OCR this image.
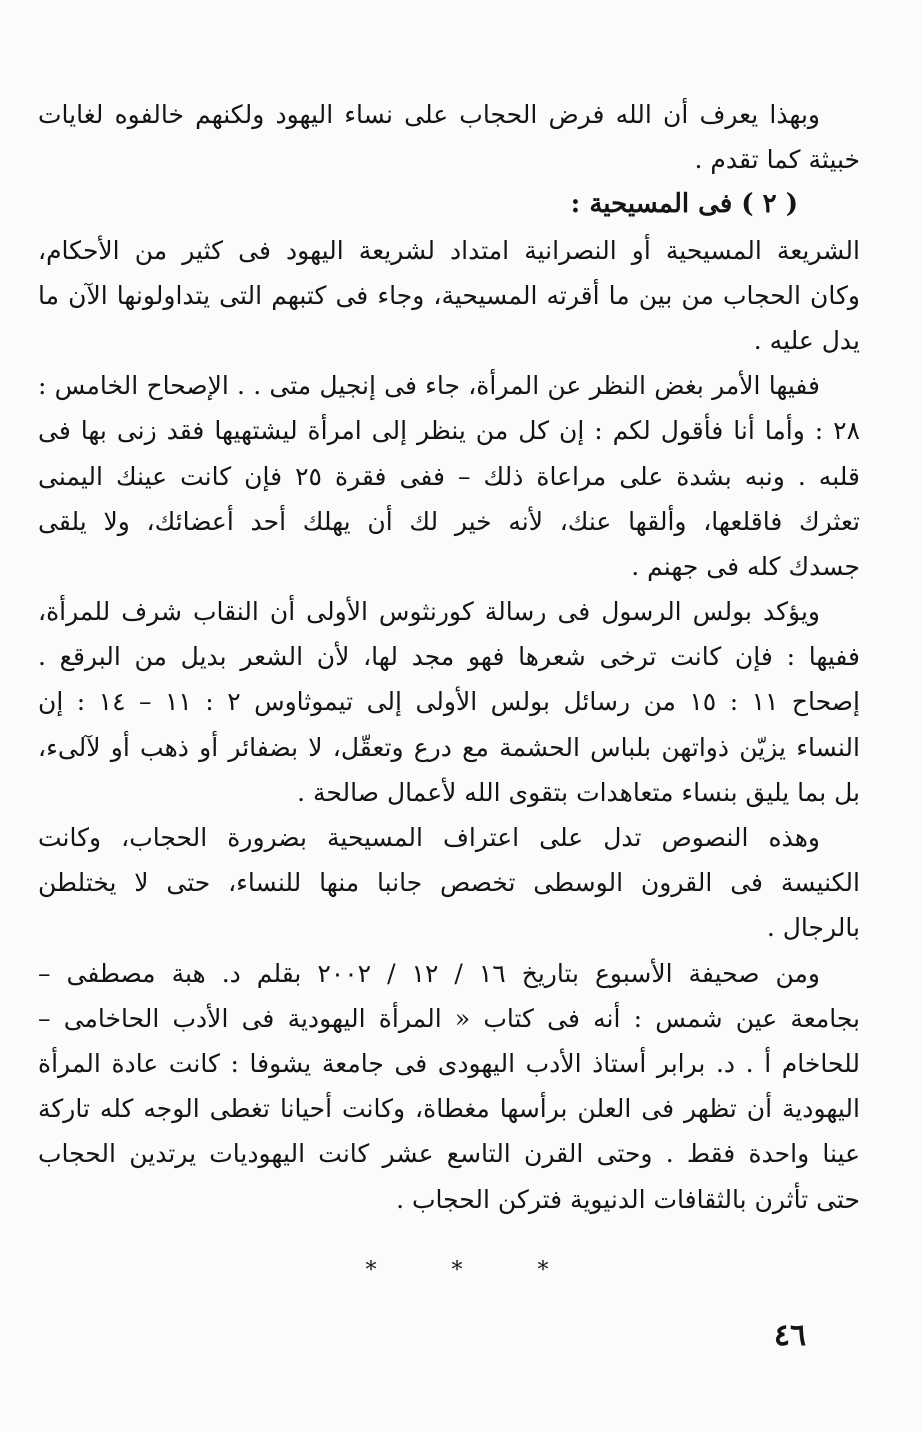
وبهذا يعرف أن الله فرض الحجاب على نساء اليهود ولكنهم خالفوه لغايات
خبيثة كما تقدم .
( ٢ ) فى المسيحية :
الشريعة المسيحية أو النصرانية امتداد لشريعة اليهود فى كثير من الأحكام،
وكان الحجاب من بين ما أقرته المسيحية، وجاء فى كتبهم التى يتداولونها الآن ما
يدل عليه .
ففيها الأمر بغض النظر عن المرأة، جاء فى إنجيل متى . . الإصحاح الخامس :
٢٨ : وأما أنا فأقول لكم : إن كل من ينظر إلى امرأة ليشتهيها فقد زنى بها فى
قلبه . ونبه بشدة على مراعاة ذلك – ففى فقرة ٢٥ فإن كانت عينك اليمنى
تعثرك فاقلعها، وألقها عنك، لأنه خير لك أن يهلك أحد أعضائك، ولا يلقى
جسدك كله فى جهنم .
ويؤكد بولس الرسول فى رسالة كورنثوس الأولى أن النقاب شرف للمرأة،
ففيها : فإن كانت ترخى شعرها فهو مجد لها، لأن الشعر بديل من البرقع .
إصحاح ١١ : ١٥ من رسائل بولس الأولى إلى تيموثاوس ٢ : ١١ – ١٤ : إن
النساء يزيّن ذواتهن بلباس الحشمة مع درع وتعقّل، لا بضفائر أو ذهب أو لآلىء،
بل بما يليق بنساء متعاهدات بتقوى الله لأعمال صالحة .
وهذه النصوص تدل على اعتراف المسيحية بضرورة الحجاب، وكانت
الكنيسة فى القرون الوسطى تخصص جانبا منها للنساء، حتى لا يختلطن
بالرجال .
ومن صحيفة الأسبوع بتاريخ ١٦ / ١٢ / ٢٠٠٢ بقلم د. هبة مصطفى –
بجامعة عين شمس : أنه فى كتاب « المرأة اليهودية فى الأدب الحاخامى –
للحاخام أ . د. برابر أستاذ الأدب اليهودى فى جامعة يشوفا : كانت عادة المرأة
اليهودية أن تظهر فى العلن برأسها مغطاة، وكانت أحيانا تغطى الوجه كله تاركة
عينا واحدة فقط . وحتى القرن التاسع عشر كانت اليهوديات يرتدين الحجاب
حتى تأثرن بالثقافات الدنيوية فتركن الحجاب .
* * *
٤٦
